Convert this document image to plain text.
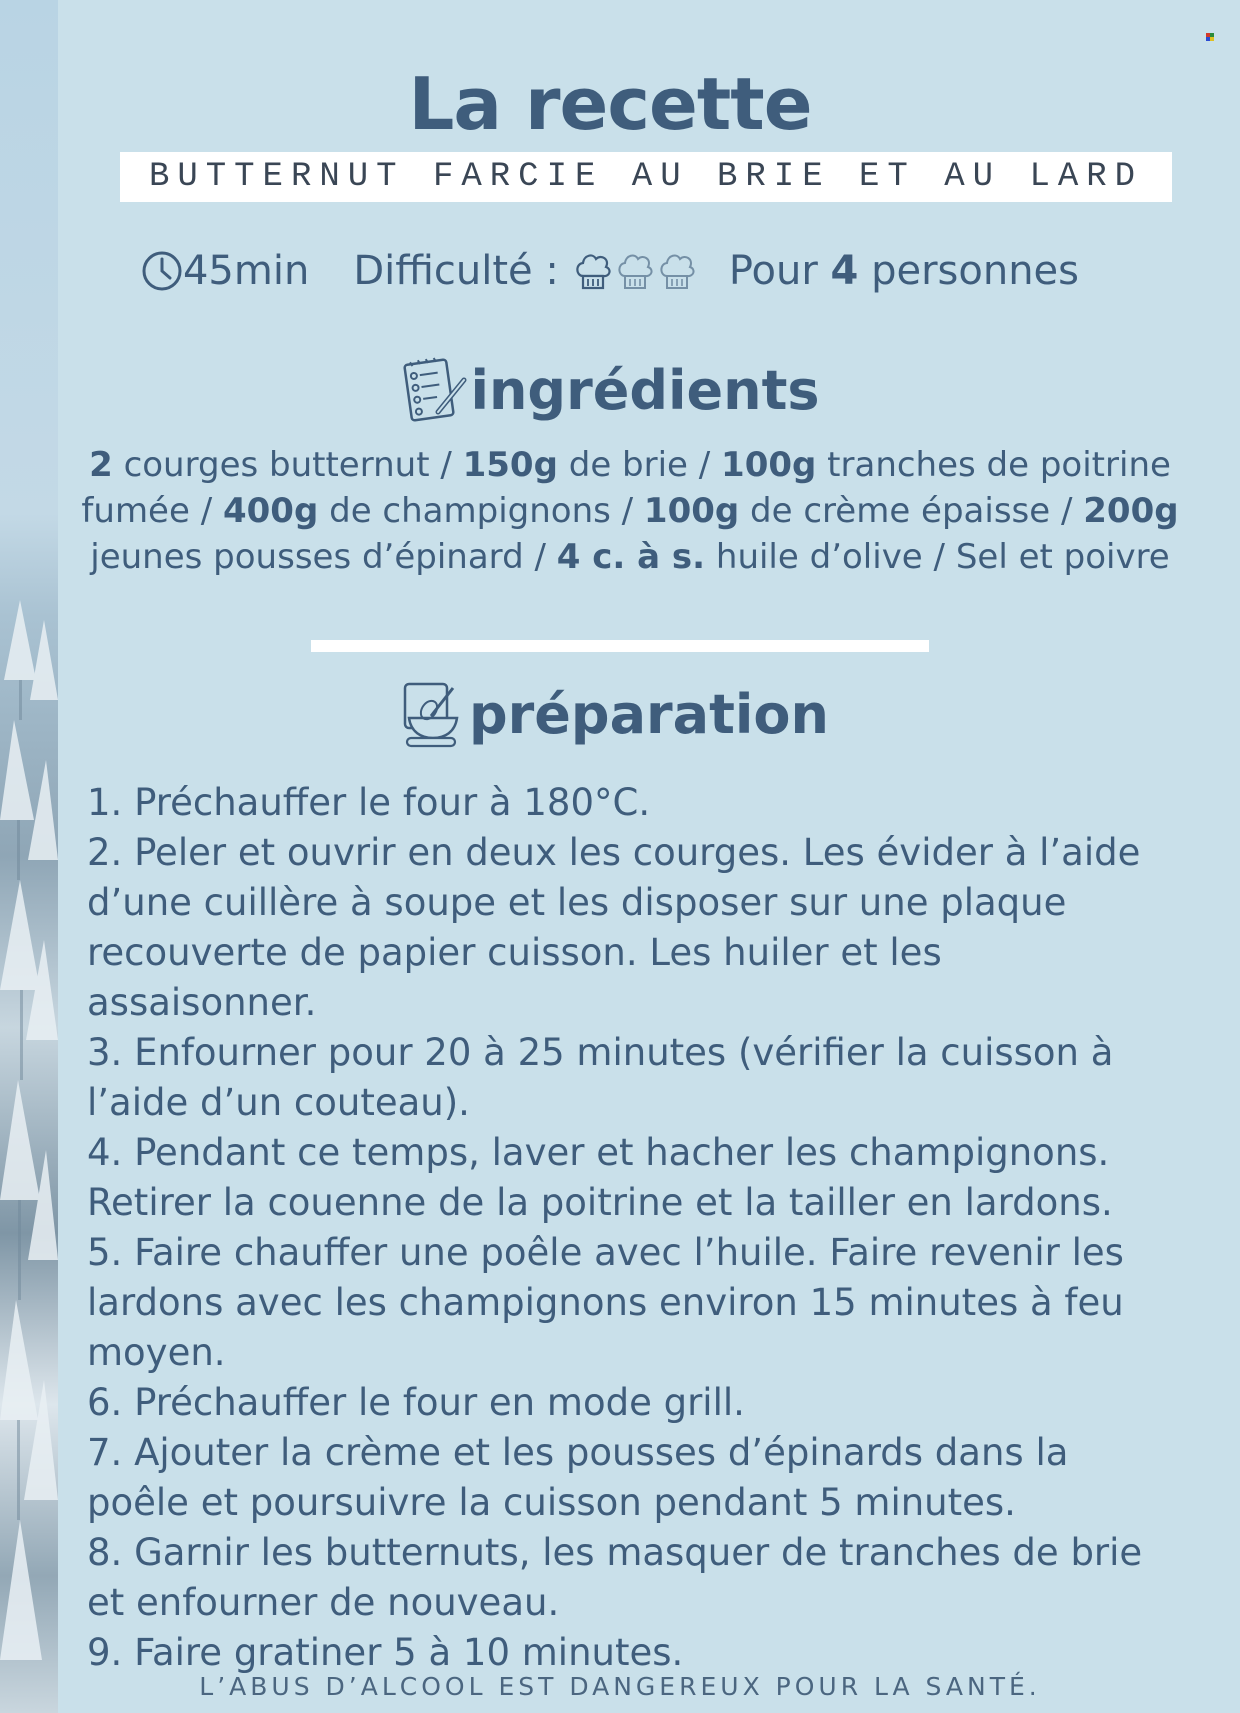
La recette
BUTTERNUT FARCIE AU BRIE ET AU LARD
45min Difficulté :	Pour 4 personnes
ingrédients
2 courges butternut / 150g de brie / 100g tranches de poitrine fumée / 400g de champignons / 100g de crème épaisse / 200g jeunes pousses d’épinard / 4 c. à s. huile d’olive / Sel et poivre
préparation

1. Préchauffer le four à 180°C.

2. Peler et ouvrir en deux les courges. Les évider à l’aide d’une cuillère à soupe et les disposer sur une plaque recouverte de papier cuisson. Les huiler et les assaisonner.

3. Enfourner pour 20 à 25 minutes (vérifier la cuisson à l’aide d’un couteau).

4. Pendant ce temps, laver et hacher les champignons. Retirer la couenne de la poitrine et la tailler en lardons.

5. Faire chauffer une poêle avec l’huile. Faire revenir les lardons avec les champignons environ 15 minutes à feu moyen.

6. Préchauffer le four en mode grill.

7. Ajouter la crème et les pousses d’épinards dans la poêle et poursuivre la cuisson pendant 5 minutes.

8. Garnir les butternuts, les masquer de tranches de brie et enfourner de nouveau.

9. Faire gratiner 5 à 10 minutes.

L’ABUS D’ALCOOL EST DANGEREUX POUR LA SANTÉ.
